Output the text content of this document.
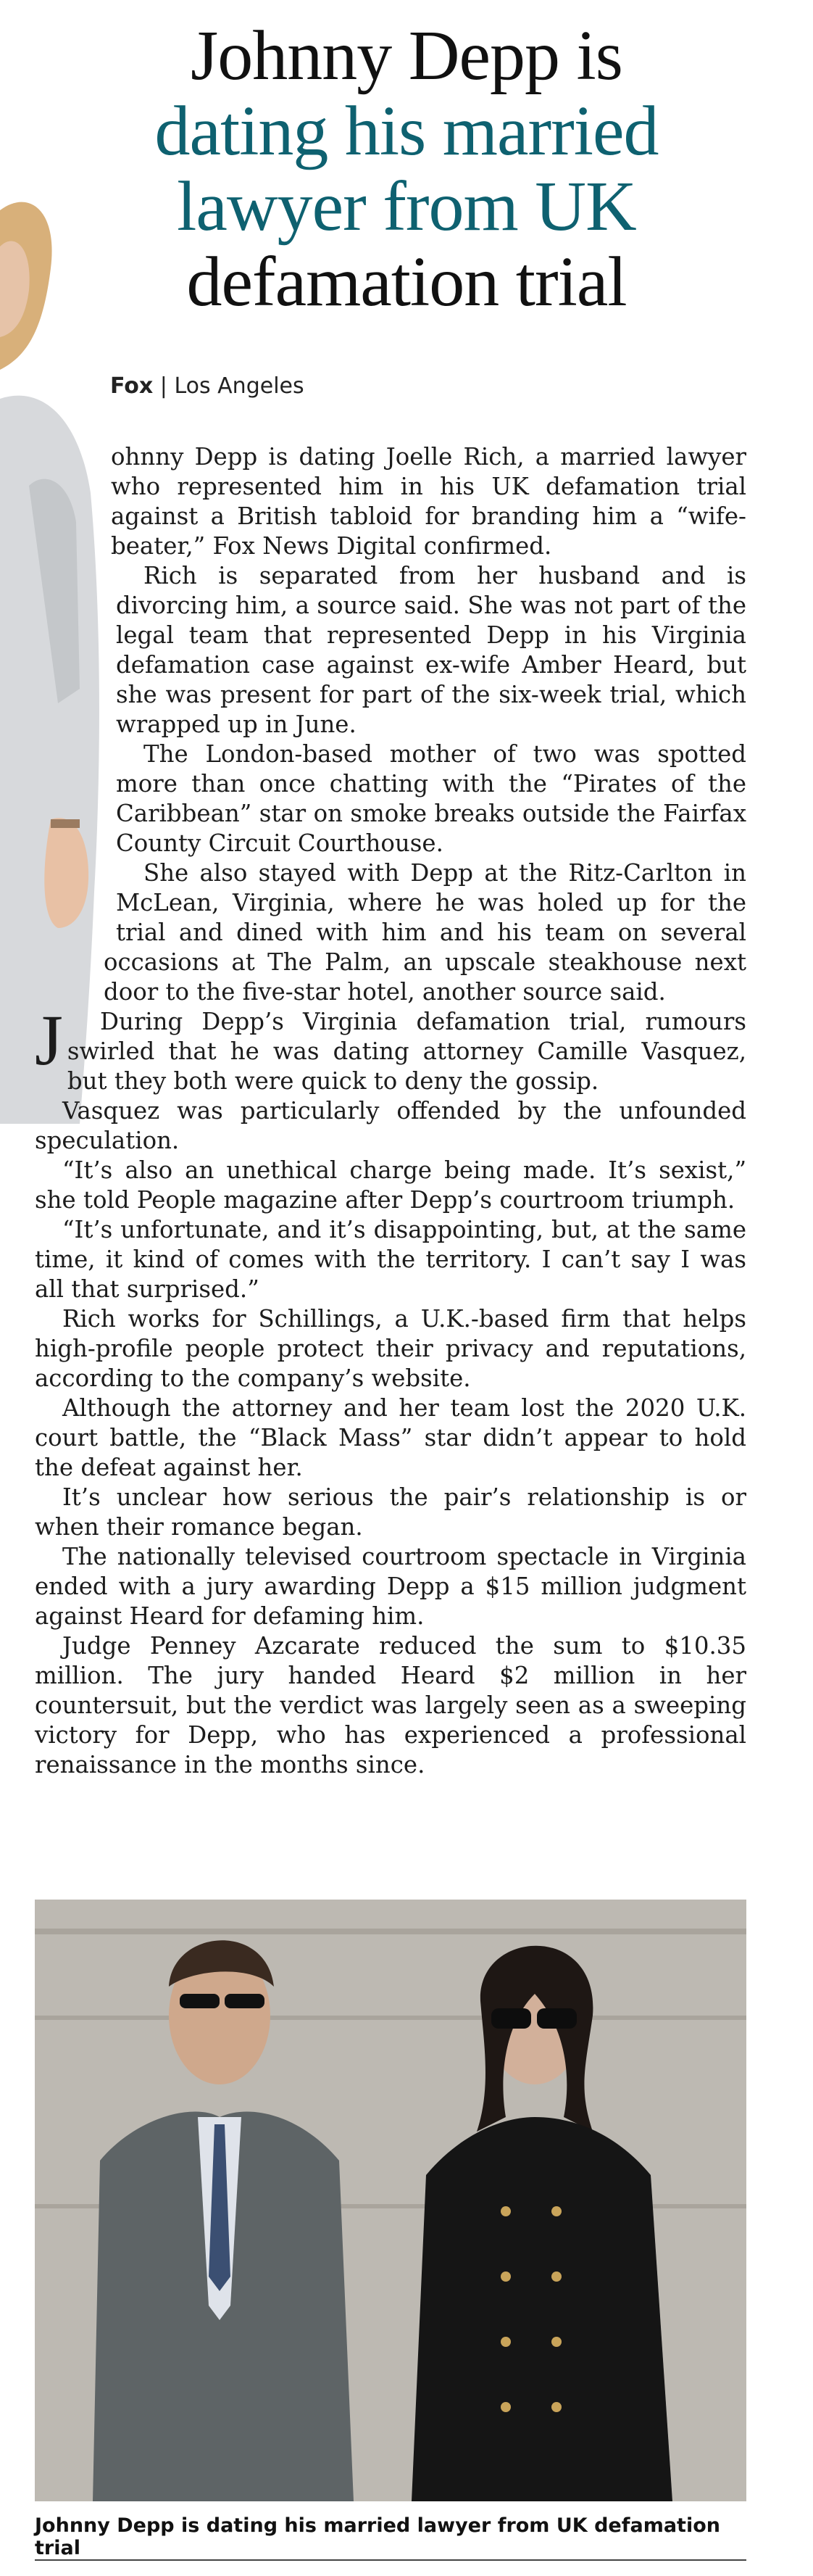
Johnny Depp is
dating his married
lawyer from UK
defamation trial
Fox | Los Angeles

J
ohnny Depp is dating Joelle Rich, a married lawyer who represented him in his UK defamation trial against a British tabloid for branding him a “wife-beater,” Fox News Digital confirmed.

Rich is separated from her husband and is divorcing him, a source said. She was not part of the legal team that represented Depp in his Virginia defamation case against ex-wife Amber Heard, but she was present for part of the six-week trial, which wrapped up in June.

The London-based mother of two was spotted more than once chatting with the “Pirates of the Caribbean” star on smoke breaks outside the Fairfax County Circuit Courthouse.

She also stayed with Depp at the Ritz-Carlton in McLean, Virginia, where he was holed up for the trial and dined with him and his team on several occasions at The Palm, an upscale steakhouse next door to the five-star hotel, another source said.

During Depp’s Virginia defamation trial, rumours swirled that he was dating attorney Camille Vasquez, but they both were quick to deny the gossip.

Vasquez was particularly offended by the unfounded speculation.

“It’s also an unethical charge being made. It’s sexist,” she told People magazine after Depp’s courtroom triumph.

“It’s unfortunate, and it’s disappointing, but, at the same time, it kind of comes with the territory. I can’t say I was all that surprised.”

Rich works for Schillings, a U.K.-based firm that helps high-profile people protect their privacy and reputations, according to the company’s website.

Although the attorney and her team lost the 2020 U.K. court battle, the “Black Mass” star didn’t appear to hold the defeat against her.

It’s unclear how serious the pair’s relationship is or when their romance began.

The nationally televised courtroom spectacle in Virginia ended with a jury awarding Depp a $15 million judgment against Heard for defaming him.

Judge Penney Azcarate reduced the sum to $10.35 million. The jury handed Heard $2 million in her countersuit, but the verdict was largely seen as a sweeping victory for Depp, who has experienced a professional renaissance in the months since.

Johnny Depp is dating his married lawyer from UK defamation trial
